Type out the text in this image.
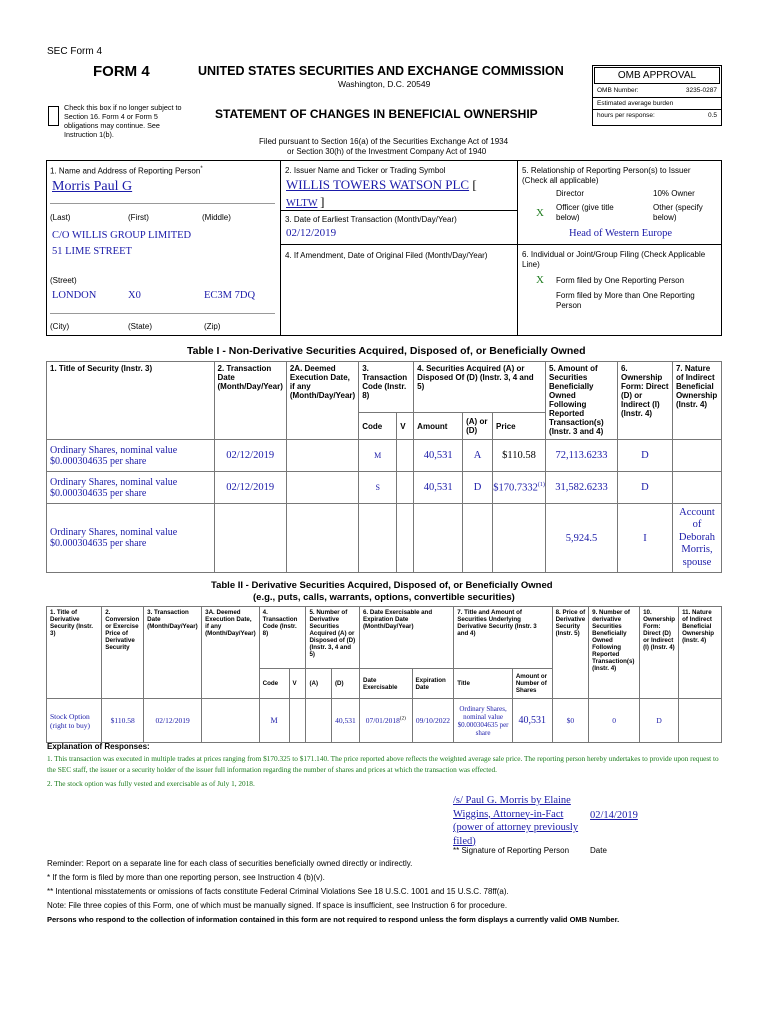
SEC Form 4
FORM 4	UNITED STATES SECURITIES AND EXCHANGE COMMISSION
Washington, D.C. 20549
Check this box if no longer subject to Section 16. Form 4 or Form 5 obligations may continue. See Instruction 1(b).
STATEMENT OF CHANGES IN BENEFICIAL OWNERSHIP
OMB APPROVAL
OMB Number:	3235-0287
Estimated average burden
hours per response:	0.5
Filed pursuant to Section 16(a) of the Securities Exchange Act of 1934
or Section 30(h) of the Investment Company Act of 1940
1. Name and Address of Reporting Person*
Morris Paul G
(Last)	(First)	(Middle)
C/O WILLIS GROUP LIMITED
51 LIME STREET
(Street)
LONDON	X0	EC3M 7DQ
(City)	(State)	(Zip)
2. Issuer Name and Ticker or Trading Symbol
WILLIS TOWERS WATSON PLC [
WLTW ]
3. Date of Earliest Transaction (Month/Day/Year)
02/12/2019
4. If Amendment, Date of Original Filed (Month/Day/Year)
5. Relationship of Reporting Person(s) to Issuer (Check all applicable)
Director	10% Owner
X Officer (give title below)
Other (specify below)
Head of Western Europe
6. Individual or Joint/Group Filing (Check Applicable Line)
X Form filed by One Reporting Person
Form filed by More than One Reporting Person
Table I - Non-Derivative Securities Acquired, Disposed of, or Beneficially Owned
1. Title of Security (Instr. 3)	2. Transaction Date (Month/Day/Year)	2A. Deemed Execution Date, if any (Month/Day/Year)	3. Transaction Code (Instr. 8)		4. Securities Acquired (A) or Disposed Of (D) (Instr. 3, 4 and 5)			5. Amount of Securities Beneficially Owned Following Reported Transaction(s) (Instr. 3 and 4)	6. Ownership Form: Direct (D) or Indirect (I) (Instr. 4)	7. Nature of Indirect Beneficial Ownership (Instr. 4)
			Code	V	Amount	(A) or (D)	Price			
Ordinary Shares, nominal value $0.000304635 per share	02/12/2019		M		40,531	A	$110.58	72,113.6233	D	
Ordinary Shares, nominal value $0.000304635 per share	02/12/2019		S		40,531	D	$170.7332$^{(1)}$	31,582.6233	D	
Ordinary Shares, nominal value $0.000304635 per share								5,924.5	I	Account of Deborah Morris, spouse
Table II - Derivative Securities Acquired, Disposed of, or Beneficially Owned
(e.g., puts, calls, warrants, options, convertible securities)
1. Title of Derivative Security (Instr. 3)	2. Conversion or Exercise Price of Derivative Security	3. Transaction Date (Month/Day/Year)	3A. Deemed Execution Date, if any (Month/Day/Year)	4. Transaction Code (Instr. 8)		5. Number of Derivative Securities Acquired (A) or Disposed of (D) (Instr. 3, 4 and 5)		6. Date Exercisable and Expiration Date (Month/Day/Year)		7. Title and Amount of Securities Underlying Derivative Security (Instr. 3 and 4)		8. Price of Derivative Security (Instr. 5)	9. Number of derivative Securities Beneficially Owned Following Reported Transaction(s) (Instr. 4)	10. Ownership Form: Direct (D) or Indirect (I) (Instr. 4)	11. Nature of Indirect Beneficial Ownership (Instr. 4)
				Code	V	(A)	(D)	Date Exercisable	Expiration Date	Title	Amount or Number of Shares				
Stock Option (right to buy)	$110.58	02/12/2019		M			40,531	07/01/2018$^{(2)}$	09/10/2022	Ordinary Shares, nominal value $0.000304635 per share	40,531	$0	0	D	
Explanation of Responses:
1. This transaction was executed in multiple trades at prices ranging from $170.325 to $171.140. The price reported above reflects the weighted average sale price. The reporting person hereby undertakes to provide upon request to the SEC staff, the issuer or a security holder of the issuer full information regarding the number of shares and prices at which the transaction was effected.
2. The stock option was fully vested and exercisable as of July 1, 2018.
/s/ Paul G. Morris by Elaine Wiggins, Attorney-in-Fact (power of attorney previously filed)
02/14/2019
** Signature of Reporting Person	Date
Reminder: Report on a separate line for each class of securities beneficially owned directly or indirectly.
* If the form is filed by more than one reporting person, see Instruction 4 (b)(v).
** Intentional misstatements or omissions of facts constitute Federal Criminal Violations See 18 U.S.C. 1001 and 15 U.S.C. 78ff(a).
Note: File three copies of this Form, one of which must be manually signed. If space is insufficient, see Instruction 6 for procedure.
Persons who respond to the collection of information contained in this form are not required to respond unless the form displays a currently valid OMB Number.
